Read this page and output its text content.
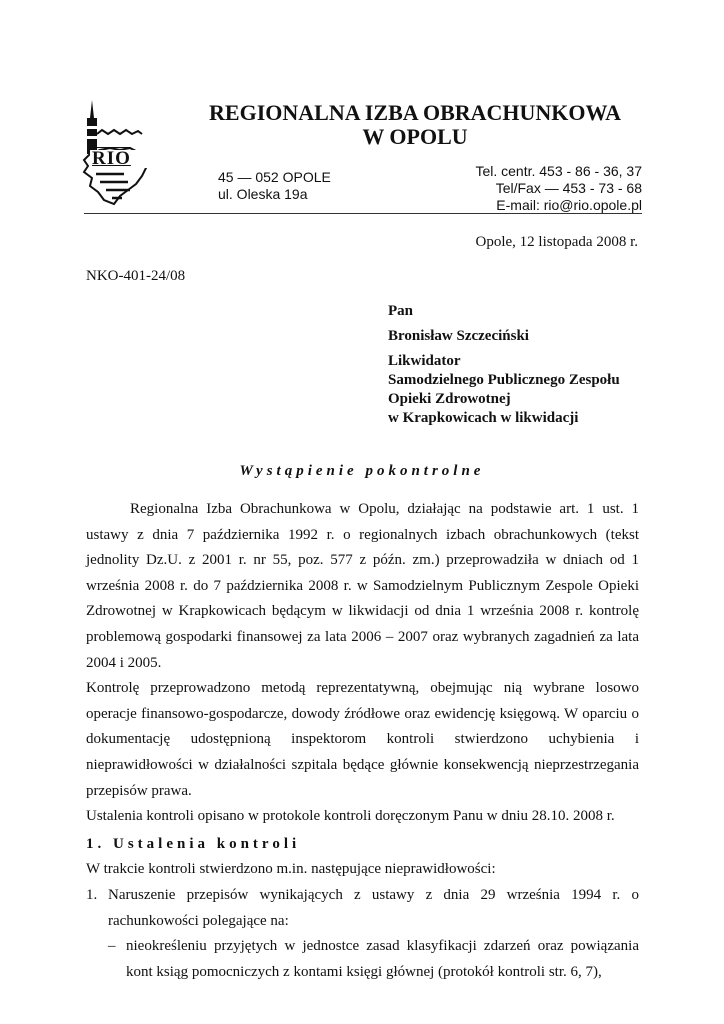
RIO
REGIONALNA IZBA OBRACHUNKOWA
W OPOLU
45 — 052 OPOLE
ul. Oleska 19a
Tel. centr. 453 - 86 - 36, 37
Tel/Fax — 453 - 73 - 68
E-mail: rio@rio.opole.pl
Opole, 12 listopada 2008 r.
NKO-401-24/08
Pan
Bronisław Szczeciński
Likwidator
Samodzielnego Publicznego Zespołu
Opieki Zdrowotnej
w Krapkowicach w likwidacji
Wystąpienie pokontrolne

Regionalna Izba Obrachunkowa w Opolu, działając na podstawie art. 1 ust. 1 ustawy z dnia 7 października 1992 r. o regionalnych izbach obrachunkowych (tekst jednolity Dz.U. z 2001 r. nr 55, poz. 577 z późn. zm.) przeprowadziła w dniach od 1 września 2008 r. do 7 października 2008 r. w Samodzielnym Publicznym Zespole Opieki Zdrowotnej w Krapkowicach będącym w likwidacji od dnia 1 września 2008 r. kontrolę problemową gospodarki finansowej za lata 2006 – 2007 oraz wybranych zagadnień za lata 2004 i 2005.

Kontrolę przeprowadzono metodą reprezentatywną, obejmując nią wybrane losowo operacje finansowo-gospodarcze, dowody źródłowe oraz ewidencję księgową. W oparciu o dokumentację udostępnioną inspektorom kontroli stwierdzono uchybienia i nieprawidłowości w działalności szpitala będące głównie konsekwencją nieprzestrzegania przepisów prawa.

Ustalenia kontroli opisano w protokole kontroli doręczonym Panu w dniu 28.10. 2008 r.

1. Ustalenia kontroli

W trakcie kontroli stwierdzono m.in. następujące nieprawidłowości:

1. Naruszenie przepisów wynikających z ustawy z dnia 29 września 1994 r. o rachunkowości polegające na:
– nieokreśleniu przyjętych w jednostce zasad klasyfikacji zdarzeń oraz powiązania kont ksiąg pomocniczych z kontami księgi głównej (protokół kontroli str. 6, 7),
